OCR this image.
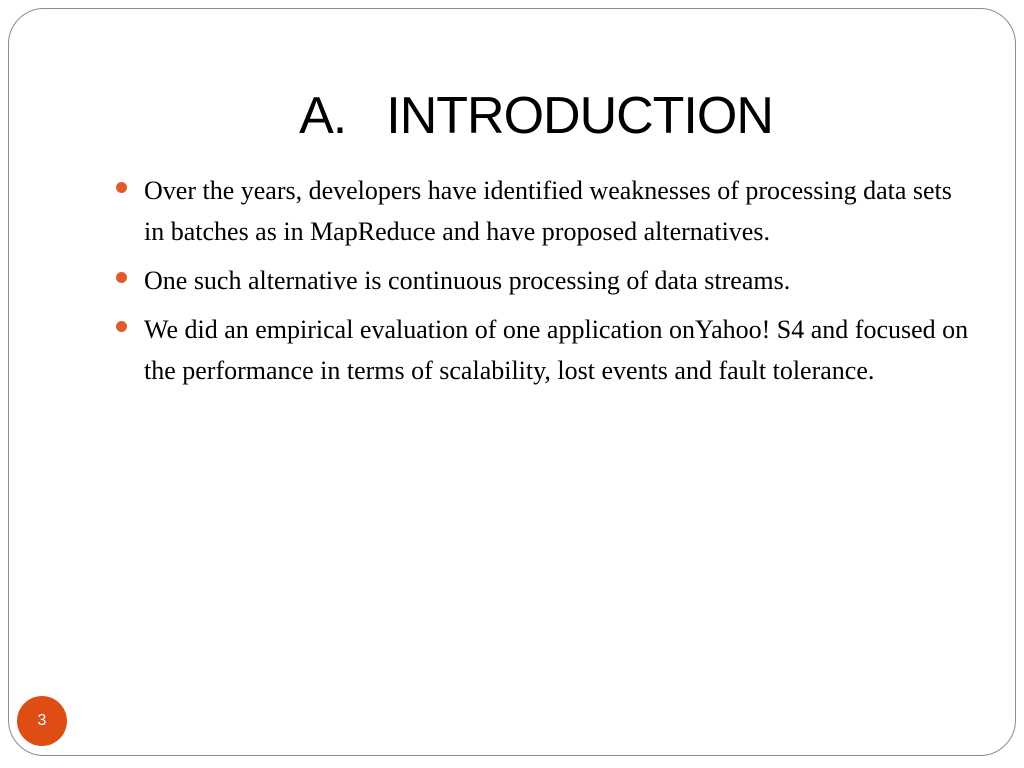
A. INTRODUCTION
Over the years, developers have identified weaknesses of processing data sets in batches as in MapReduce and have proposed alternatives.
One such alternative is continuous processing of data streams.
We did an empirical evaluation of one application onYahoo! S4 and focused on the performance in terms of scalability, lost events and fault tolerance.
3
